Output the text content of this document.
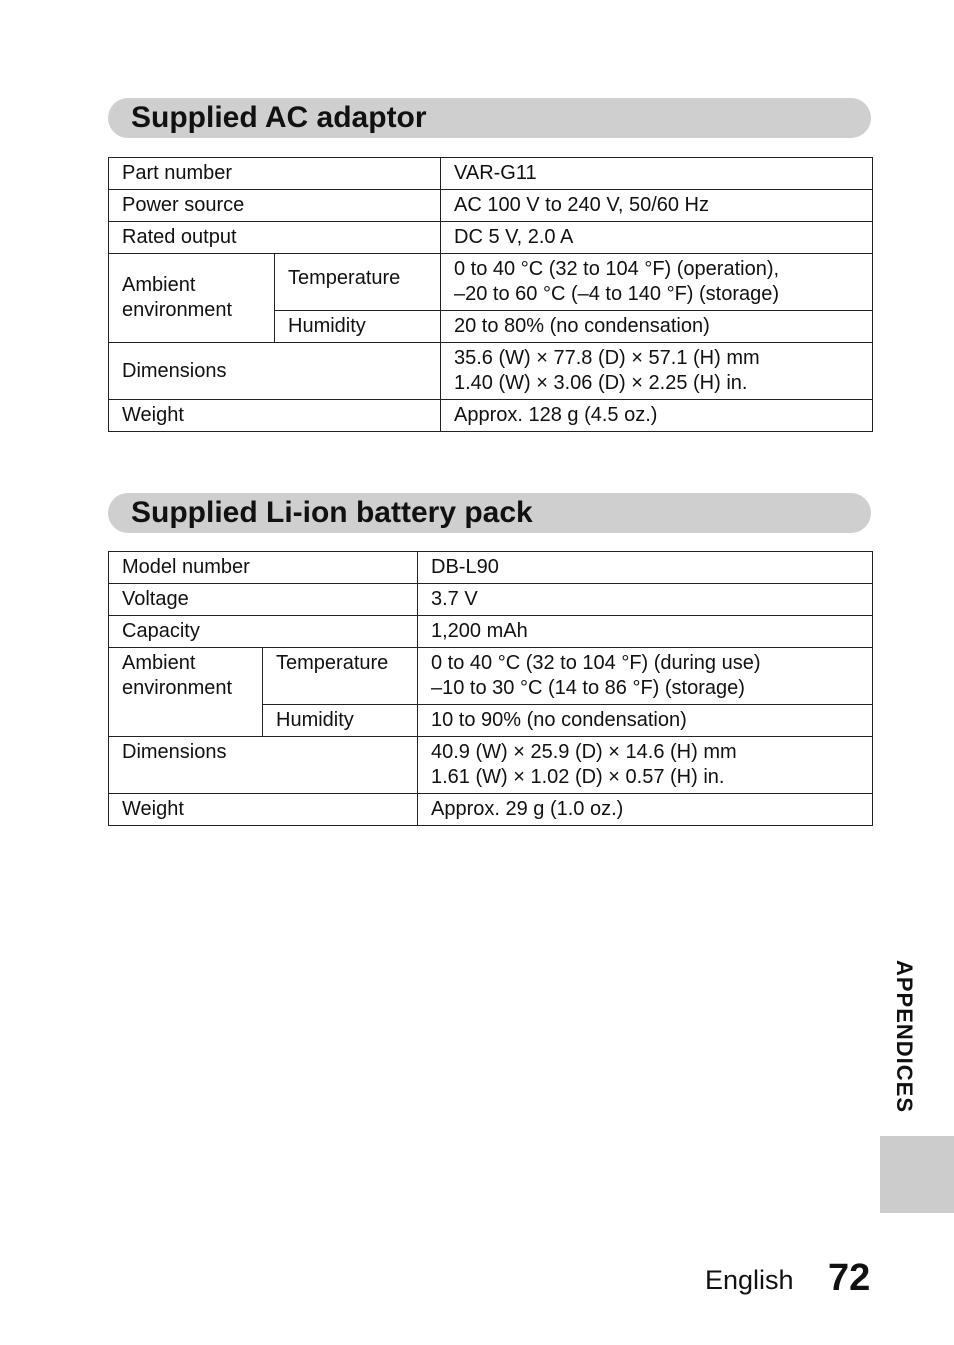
Supplied AC adaptor
Part number		VAR-G11
Power source		AC 100 V to 240 V, 50/60 Hz
Rated output		DC 5 V, 2.0 A
Ambient environment	Temperature	0 to 40 °C (32 to 104 °F) (operation),
–20 to 60 °C (–4 to 140 °F) (storage)

	Humidity	20 to 80% (no condensation)
Dimensions		35.6 (W) × 77.8 (D) × 57.1 (H) mm
1.40 (W) × 3.06 (D) × 2.25 (H) in.

Weight		Approx. 128 g (4.5 oz.)
Supplied Li-ion battery pack
Model number		DB-L90
Voltage		3.7 V
Capacity		1,200 mAh
Ambient environment	Temperature	0 to 40 °C (32 to 104 °F) (during use)
–10 to 30 °C (14 to 86 °F) (storage)

	Humidity	10 to 90% (no condensation)
Dimensions		40.9 (W) × 25.9 (D) × 14.6 (H) mm
1.61 (W) × 1.02 (D) × 0.57 (H) in.

Weight		Approx. 29 g (1.0 oz.)
APPENDICES
English 72
